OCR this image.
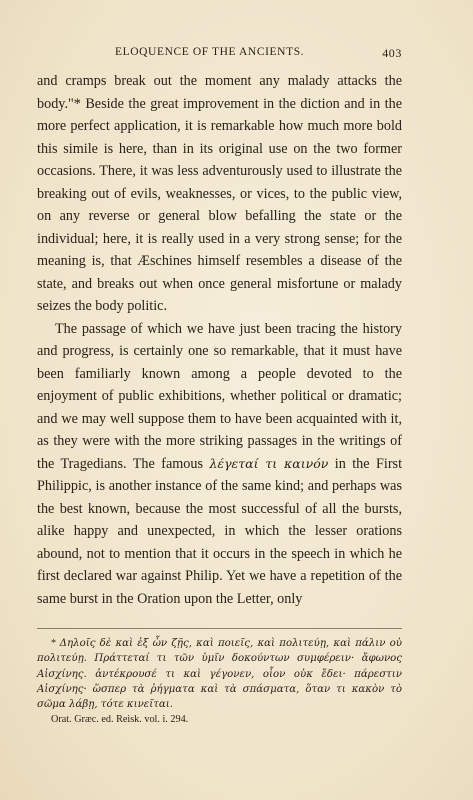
ELOQUENCE OF THE ANCIENTS.	403

and cramps break out the moment any malady attacks the body."* Beside the great improvement in the diction and in the more perfect application, it is remarkable how much more bold this simile is here, than in its original use on the two former occasions. There, it was less adventurously used to illustrate the breaking out of evils, weaknesses, or vices, to the public view, on any reverse or general blow befalling the state or the individual; here, it is really used in a very strong sense; for the meaning is, that Æschines himself resembles a disease of the state, and breaks out when once general misfortune or malady seizes the body politic.

The passage of which we have just been tracing the history and progress, is certainly one so remarkable, that it must have been familiarly known among a people devoted to the enjoyment of public exhibitions, whether political or dramatic; and we may well suppose them to have been acquainted with it, as they were with the more striking passages in the writings of the Tragedians. The famous λέγεταί τι καινόν in the First Philippic, is another instance of the same kind; and perhaps was the best known, because the most successful of all the bursts, alike happy and unexpected, in which the lesser orations abound, not to mention that it occurs in the speech in which he first declared war against Philip. Yet we have a repetition of the same burst in the Oration upon the Letter, only

* Δηλοῖς δὲ καὶ ἐξ ὧν ζῇς, καὶ ποιεῖς, καὶ πολιτεύῃ, καὶ πάλιν οὐ πολιτεύῃ. Πράττεταί τι τῶν ὑμῖν δοκούντων συμφέρειν· ἄφωνος Αἰσχίνης. ἀντέκρουσέ τι καὶ γέγονεν, οἷον οὐκ ἔδει· πάρεστιν Αἰσχίνης· ὥσπερ τὰ ῥήγματα καὶ τὰ σπάσματα, ὅταν τι κακὸν τὸ σῶμα λάβῃ, τότε κινεῖται.
Orat. Græc. ed. Reisk. vol. i. 294.
